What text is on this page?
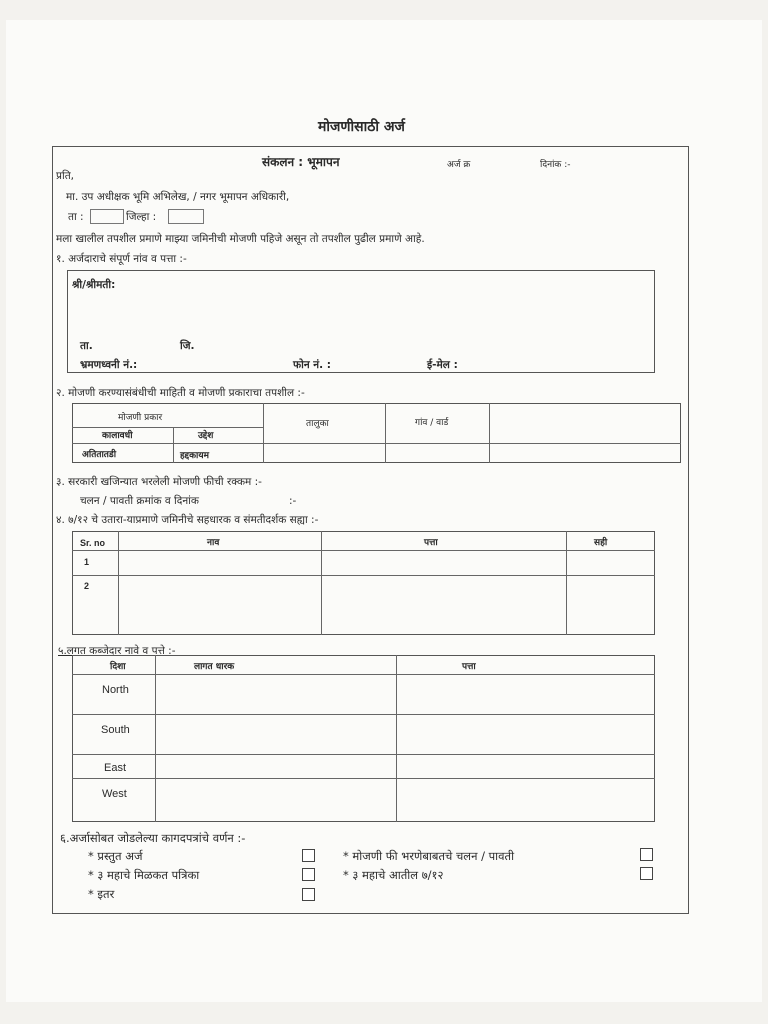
मोजणीसाठी अर्ज
संकलन : भूमापन	अर्ज क्र	दिनांक :-
प्रति,
मा. उप अधीक्षक भूमि अभिलेख, / नगर भूमापन अधिकारी,
ता :	जिल्हा :
मला खालील तपशील प्रमाणे माझ्या जमिनीची मोजणी पहिजे असून तो तपशील पुढील प्रमाणे आहे.
१. अर्जदाराचे संपूर्ण नांव व पत्ता :-
श्री/श्रीमती:
ता.	जि.
भ्रमणध्वनी नं.:	फोन नं. :	ई-मेल :
२. मोजणी करण्यासंबंधीची माहिती व मोजणी प्रकाराचा तपशील :-
मोजणी प्रकार
तालुका	गांव / वार्ड
कालावधी	उद्देश
अतितातडी	हद्दकायम
३. सरकारी खजिन्यात भरलेली मोजणी फीची रक्कम :-
चलन / पावती क्रमांक व दिनांक	:-
४. ७/१२ चे उतारा-याप्रमाणे जमिनीचे सहधारक व संमतीदर्शक सह्या :-
Sr. no	नाव	पत्ता	सही
1
2
५.लगत कब्जेदार नावे व पत्ते :-
दिशा	लागत धारक	पत्ता
North
South
East
West
६.अर्जासोबत जोडलेल्या कागदपत्रांचे वर्णन :-
* प्रस्तुत अर्ज
* ३ महाचे मिळकत पत्रिका
* इतर
* मोजणी फी भरणेबाबतचे चलन / पावती
* ३ महाचे आतील ७/१२
